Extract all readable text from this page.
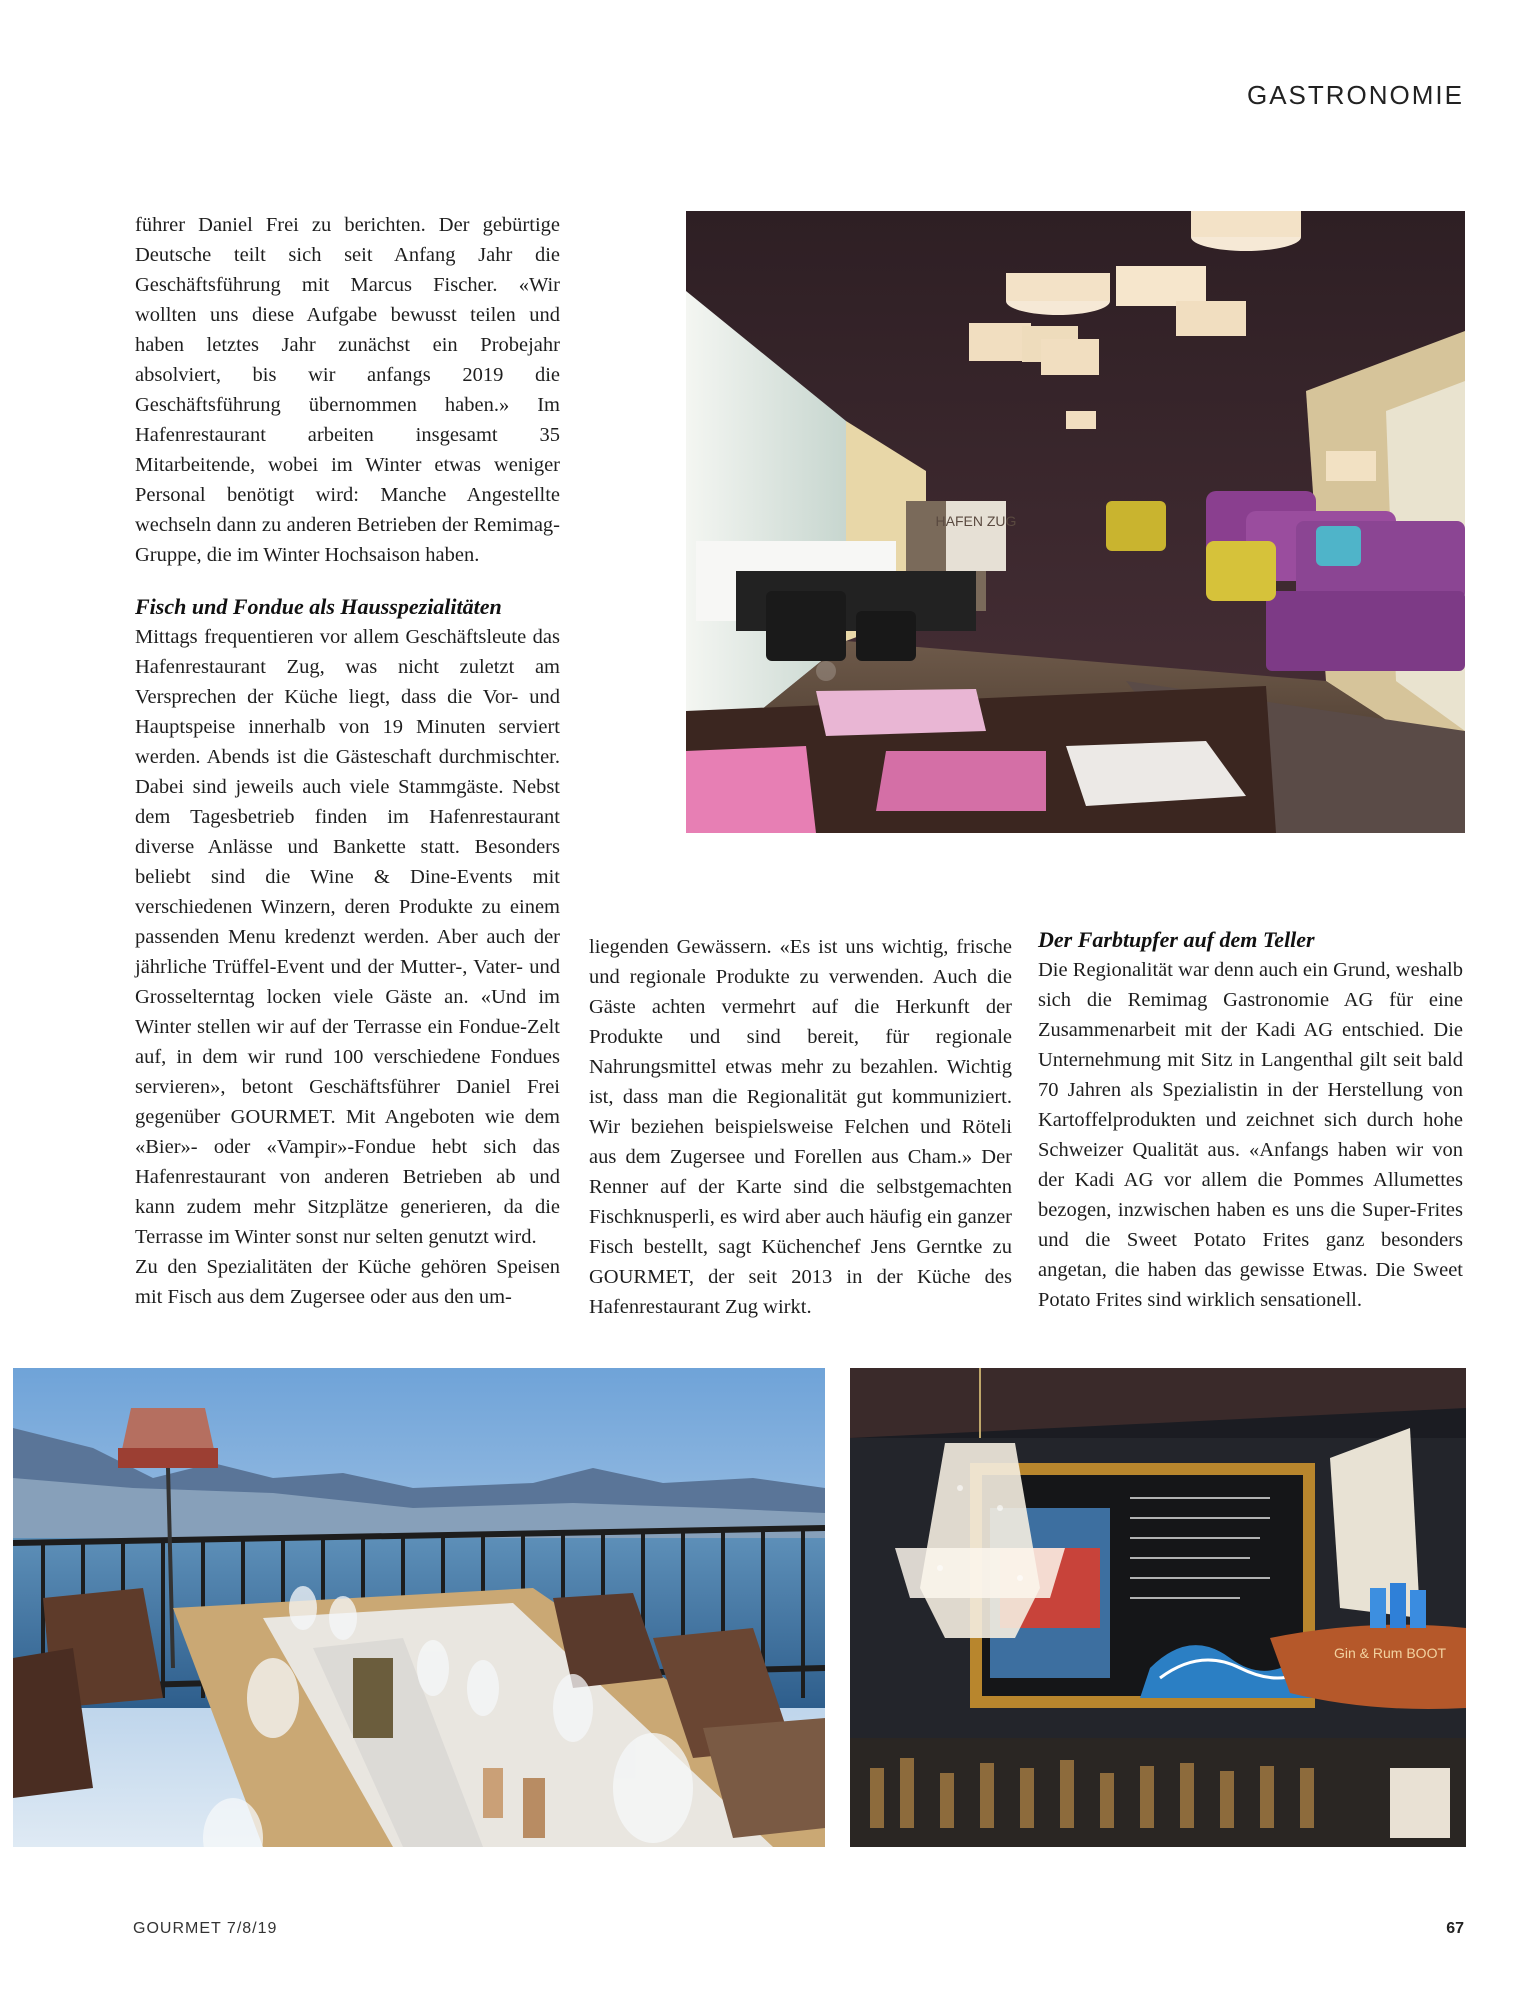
GASTRONOMIE

führer Daniel Frei zu berichten. Der gebürtige Deutsche teilt sich seit Anfang Jahr die Geschäftsführung mit Marcus Fischer. «Wir wollten uns diese Aufgabe bewusst teilen und haben letztes Jahr zunächst ein Probejahr absolviert, bis wir anfangs 2019 die Geschäftsführung übernommen haben.» Im Hafenrestaurant arbeiten insgesamt 35 Mitarbeitende, wobei im Winter etwas weniger Personal benötigt wird: Manche Angestellte wechseln dann zu anderen Betrieben der Remimag-Gruppe, die im Winter Hochsaison haben.

Fisch und Fondue als Hausspezialitäten

Mittags frequentieren vor allem Geschäftsleute das Hafenrestaurant Zug, was nicht zuletzt am Versprechen der Küche liegt, dass die Vor- und Hauptspeise innerhalb von 19 Minuten serviert werden. Abends ist die Gästeschaft durchmischter. Dabei sind jeweils auch viele Stammgäste. Nebst dem Tagesbetrieb finden im Hafenrestaurant diverse Anlässe und Bankette statt. Besonders beliebt sind die Wine & Dine-Events mit verschiedenen Winzern, deren Produkte zu einem passenden Menu kredenzt werden. Aber auch der jährliche Trüffel-Event und der Mutter-, Vater- und Grosselterntag locken viele Gäste an. «Und im Winter stellen wir auf der Terrasse ein Fondue-Zelt auf, in dem wir rund 100 verschiedene Fondues servieren», betont Geschäftsführer Daniel Frei gegenüber GOURMET. Mit Angeboten wie dem «Bier»- oder «Vampir»-Fondue hebt sich das Hafenrestaurant von anderen Betrieben ab und kann zudem mehr Sitzplätze generieren, da die Terrasse im Winter sonst nur selten genutzt wird.

Zu den Spezialitäten der Küche gehören Speisen mit Fisch aus dem Zugersee oder aus den um-

liegenden Gewässern. «Es ist uns wichtig, frische und regionale Produkte zu verwenden. Auch die Gäste achten vermehrt auf die Herkunft der Produkte und sind bereit, für regionale Nahrungsmittel etwas mehr zu bezahlen. Wichtig ist, dass man die Regionalität gut kommuniziert. Wir beziehen beispielsweise Felchen und Röteli aus dem Zugersee und Forellen aus Cham.» Der Renner auf der Karte sind die selbstgemachten Fischknusperli, es wird aber auch häufig ein ganzer Fisch bestellt, sagt Küchenchef Jens Gerntke zu GOURMET, der seit 2013 in der Küche des Hafenrestaurant Zug wirkt.

Der Farbtupfer auf dem Teller

Die Regionalität war denn auch ein Grund, weshalb sich die Remimag Gastronomie AG für eine Zusammenarbeit mit der Kadi AG entschied. Die Unternehmung mit Sitz in Langenthal gilt seit bald 70 Jahren als Spezialistin in der Herstellung von Kartoffelprodukten und zeichnet sich durch hohe Schweizer Qualität aus. «Anfangs haben wir von der Kadi AG vor allem die Pommes Allumettes bezogen, inzwischen haben es uns die Super-Frites und die Sweet Potato Frites ganz besonders angetan, die haben das gewisse Etwas. Die Sweet Potato Frites sind wirklich sensationell.

HAFEN ZUG
Gin & Rum BOOT
GOURMET 7/8/19	67
